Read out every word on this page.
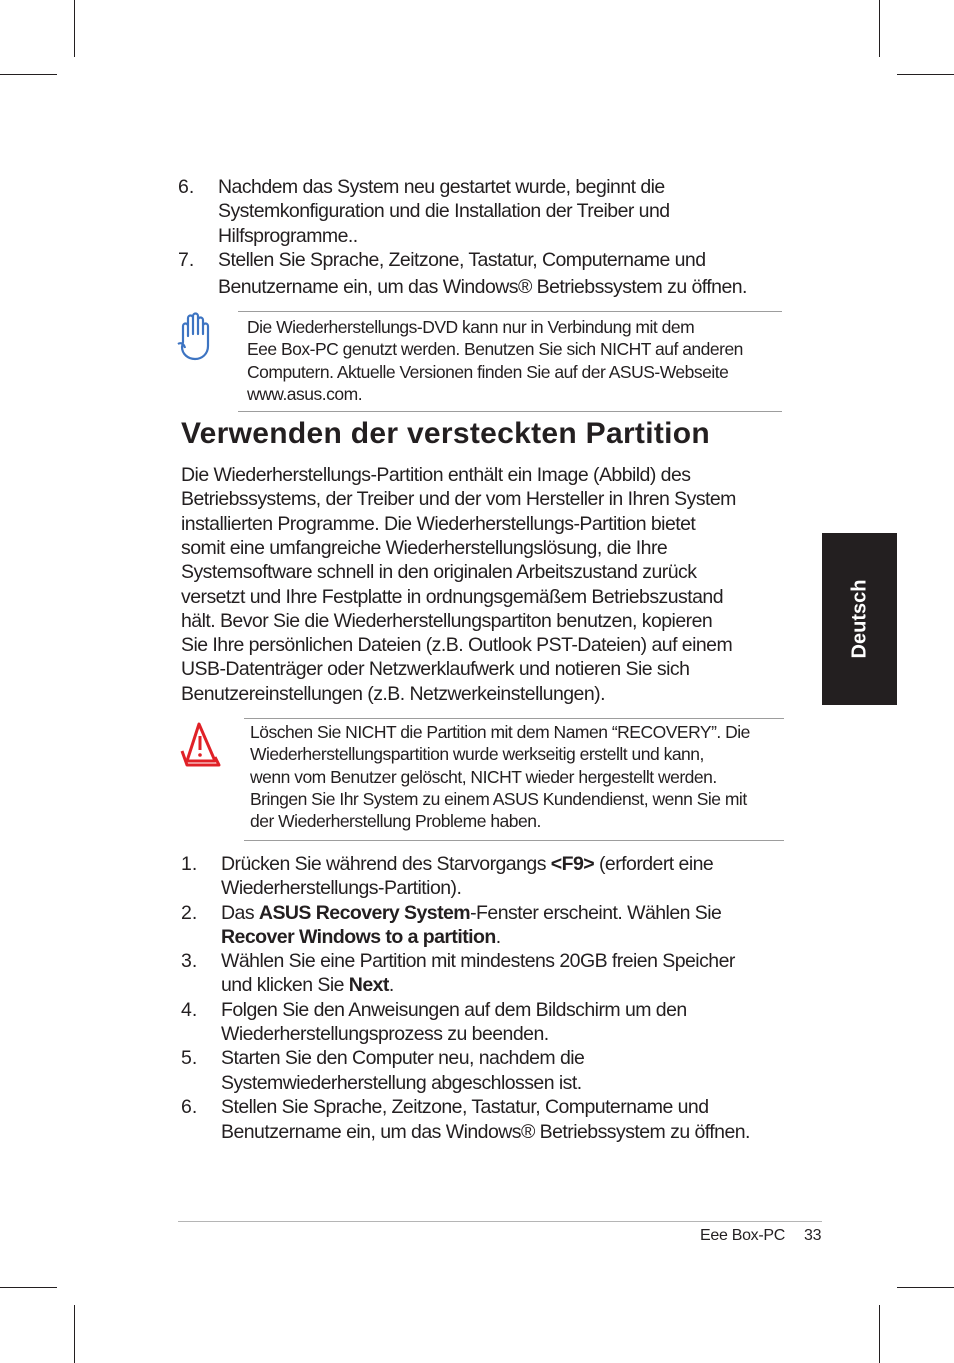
6. Nachdem das System neu gestartet wurde, beginnt die
Systemkonfiguration und die Installation der Treiber und
Hilfsprogramme..
7. Stellen Sie Sprache, Zeitzone, Tastatur, Computername und
Benutzername ein, um das Windows® Betriebssystem zu öffnen.
Die Wiederherstellungs-DVD kann nur in Verbindung mit dem
Eee Box-PC genutzt werden. Benutzen Sie sich NICHT auf anderen
Computern. Aktuelle Versionen finden Sie auf der ASUS-Webseite
www.asus.com.
Verwenden der versteckten Partition
Die Wiederherstellungs-Partition enthält ein Image (Abbild) des
Betriebssystems, der Treiber und der vom Hersteller in Ihren System
installierten Programme. Die Wiederherstellungs-Partition bietet
somit eine umfangreiche Wiederherstellungslösung, die Ihre
Systemsoftware schnell in den originalen Arbeitszustand zurück
versetzt und Ihre Festplatte in ordnungsgemäßem Betriebszustand
hält. Bevor Sie die Wiederherstellungspartiton benutzen, kopieren
Sie Ihre persönlichen Dateien (z.B. Outlook PST-Dateien) auf einem
USB-Datenträger oder Netzwerklaufwerk und notieren Sie sich
Benutzereinstellungen (z.B. Netzwerkeinstellungen).
Löschen Sie NICHT die Partition mit dem Namen “RECOVERY”. Die
Wiederherstellungspartition wurde werkseitig erstellt und kann,
wenn vom Benutzer gelöscht, NICHT wieder hergestellt werden.
Bringen Sie Ihr System zu einem ASUS Kundendienst, wenn Sie mit
der Wiederherstellung Probleme haben.
1. Drücken Sie während des Starvorgangs <F9> (erfordert eine
Wiederherstellungs-Partition).
2. Das ASUS Recovery System-Fenster erscheint. Wählen Sie
Recover Windows to a partition.
3. Wählen Sie eine Partition mit mindestens 20GB freien Speicher
und klicken Sie Next.
4. Folgen Sie den Anweisungen auf dem Bildschirm um den
Wiederherstellungsprozess zu beenden.
5. Starten Sie den Computer neu, nachdem die
Systemwiederherstellung abgeschlossen ist.
6. Stellen Sie Sprache, Zeitzone, Tastatur, Computername und
Benutzername ein, um das Windows® Betriebssystem zu öffnen.
Deutsch
Eee Box-PC 33
